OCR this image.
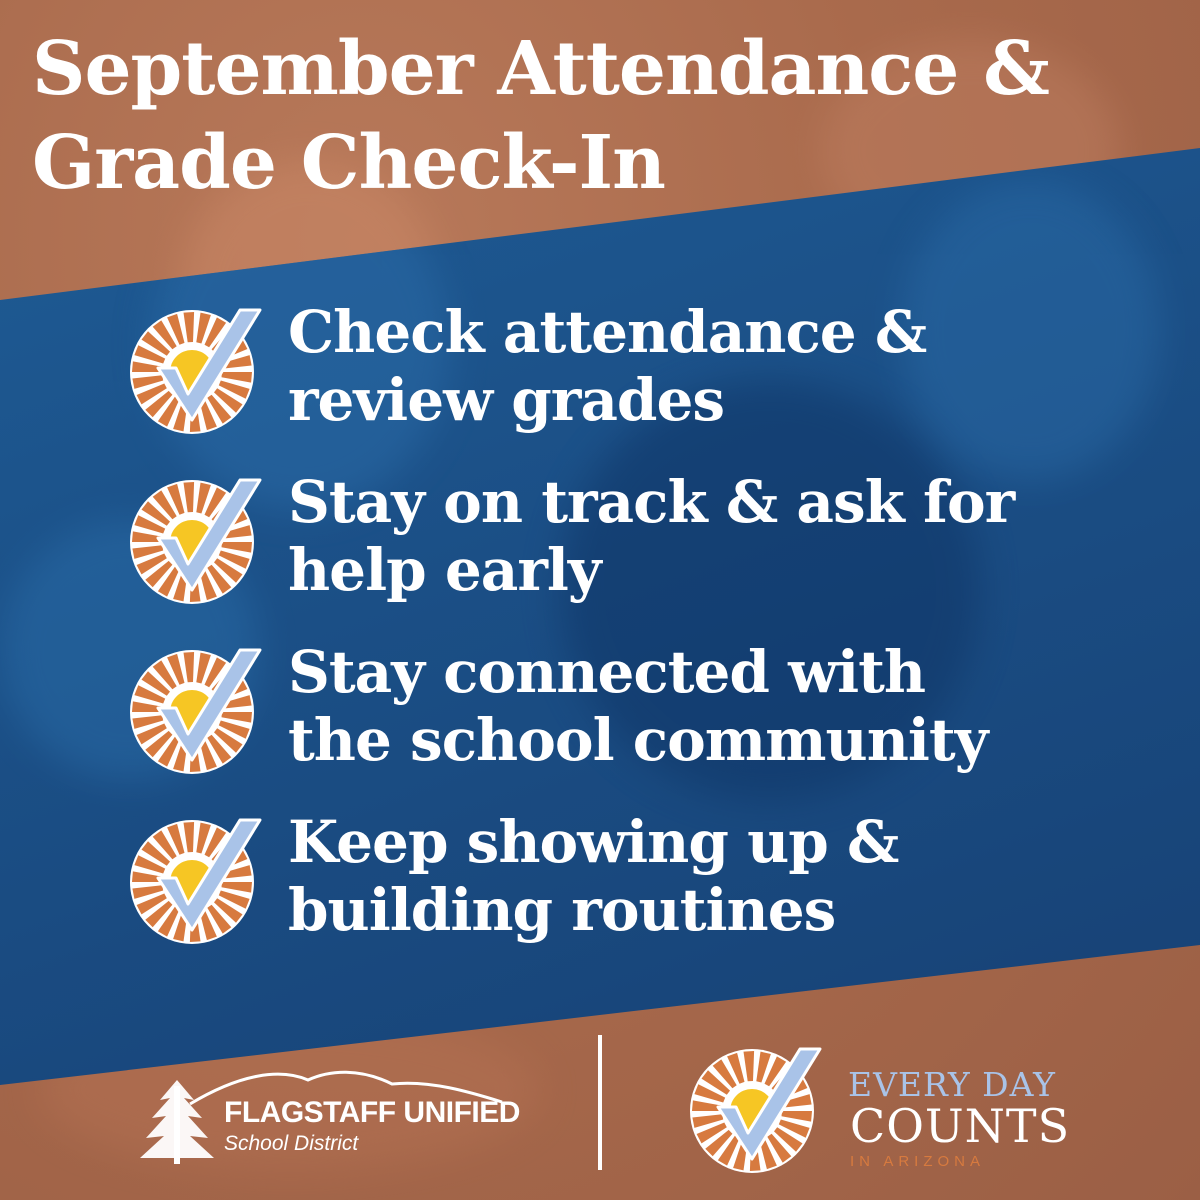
September Attendance &
Grade Check-In
Check attendance &
review grades
Stay on track & ask for
help early
Stay connected with
the school community
Keep showing up &
building routines
FLAGSTAFF UNIFIED
School District
EVERY DAY
COUNTS
IN ARIZONA
